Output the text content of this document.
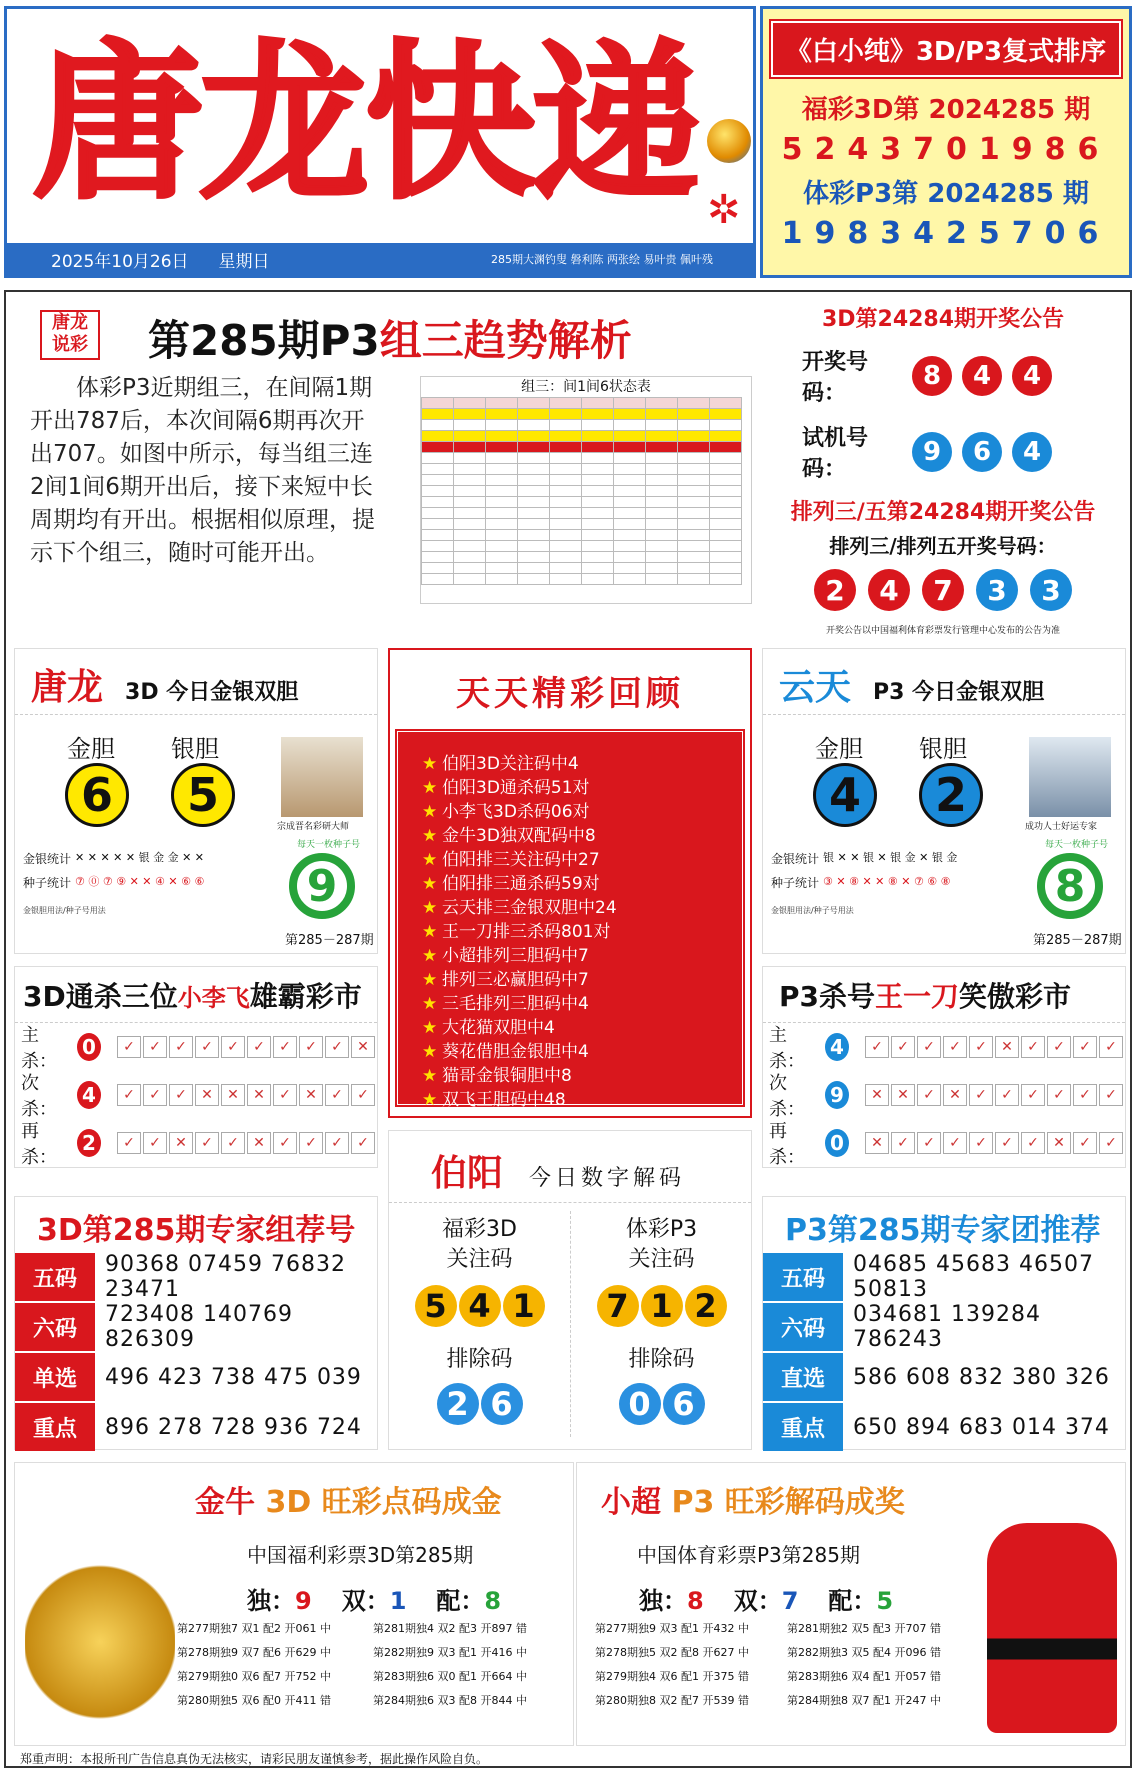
唐龙快递 ✲
2025年10月26日 星期日	285期大渊钓叟 磐利陈 两张绘 易叶贵 佩叶残
《白小纯》3D/P3复式排序
福彩3D第 2024285 期
5243701986
体彩P3第 2024285 期
1983425706
唐龙
说彩 第285期P3组三趋势解析
体彩P3近期组三，在间隔1期开出787后，本次间隔6期再次开出707。如图中所示，每当组三连2间1间6期开出后，接下来短中长周期均有开出。根据相似原理，提示下个组三，随时可能开出。
组三：间1间6状态表

3D第24284期开奖公告
开奖号码：
8	4	4
试机号码：
9	6	4
排列三/五第24284期开奖公告
排列三/排列五开奖号码：
2	4	7	3	3
开奖公告以中国福利体育彩票发行管理中心发布的公告为准
唐龙 3D 今日金银双胆
金胆 银胆
6	5
宗成晋名彩研大师
金银统计 ✕ ✕ ✕ ✕ ✕ 银 金 金 ✕ ✕
种子统计 ⑦ ⓪ ⑦ ⑨ ✕ ✕ ④ ✕ ⑥ ⑥
金银胆用法/种子号用法
每天一枚种子号
9
第285－287期
天天精彩回顾
★ 伯阳3D关注码中4
★ 伯阳3D通杀码51对
★ 小李飞3D杀码06对
★ 金牛3D独双配码中8
★ 伯阳排三关注码中27
★ 伯阳排三通杀码59对
★ 云天排三金银双胆中24
★ 王一刀排三杀码801对
★ 小超排列三胆码中7
★ 排列三必赢胆码中7
★ 三毛排列三胆码中4
★ 大花猫双胆中4
★ 葵花借胆金银胆中4
★ 猫哥金银铜胆中8
★ 双飞王胆码中48
云天 P3 今日金银双胆
金胆 银胆
4	2
成功人士好运专家
金银统计 银 ✕ ✕ 银 ✕ 银 金 ✕ 银 金
种子统计 ③ ✕ ⑧ ✕ ✕ ⑧ ✕ ⑦ ⑥ ⑧
金银胆用法/种子号用法
每天一枚种子号
8
第285－287期
3D通杀三位小李飞雄霸彩市
主杀：
0	✓	✓	✓	✓	✓	✓	✓	✓	✓	✕
次杀：
4	✓	✓	✓	✕	✕	✕	✓	✕	✓	✓
再杀：
2	✓	✓	✕	✓	✓	✕	✓	✓	✓	✓
P3杀号王一刀笑傲彩市
主杀：
4	✓	✓	✓	✓	✓	✕	✓	✓	✓	✓
次杀：
9	✕	✕	✓	✕	✓	✓	✓	✓	✓	✓
再杀：
0	✕	✓	✓	✓	✓	✓	✓	✕	✓	✓
伯阳 今日数字解码
福彩3D
关注码
5 4 1
排除码
2 6
体彩P3
关注码
7 1 2
排除码
0 6
3D第285期专家组荐号
五码
90368 07459 76832 23471
六码
723408 140769 826309
单选	496 423 738 475 039
重点	896 278 728 936 724
P3第285期专家团推荐
五码
04685 45683 46507 50813
六码
034681 139284 786243
直选	586 608 832 380 326
重点	650 894 683 014 374
金牛 3D 旺彩点码成金
中国福利彩票3D第285期
独：9 双：1 配：8
第277期独7 双1 配2 开061 中	第281期独4 双2 配3 开897 错
第278期独9 双7 配6 开629 中	第282期独9 双3 配1 开416 中
第279期独0 双6 配7 开752 中	第283期独6 双0 配1 开664 中
第280期独5 双6 配0 开411 错	第284期独6 双3 配8 开844 中
小超 P3 旺彩解码成奖
中国体育彩票P3第285期
独：8 双：7 配：5
第277期独9 双3 配1 开432 中	第281期独2 双5 配3 开707 错
第278期独5 双2 配8 开627 中	第282期独3 双5 配4 开096 错
第279期独4 双6 配1 开375 错	第283期独6 双4 配1 开057 错
第280期独8 双2 配7 开539 错	第284期独8 双7 配1 开247 中
郑重声明：本报所刊广告信息真伪无法核实，请彩民朋友谨慎参考，据此操作风险自负。
